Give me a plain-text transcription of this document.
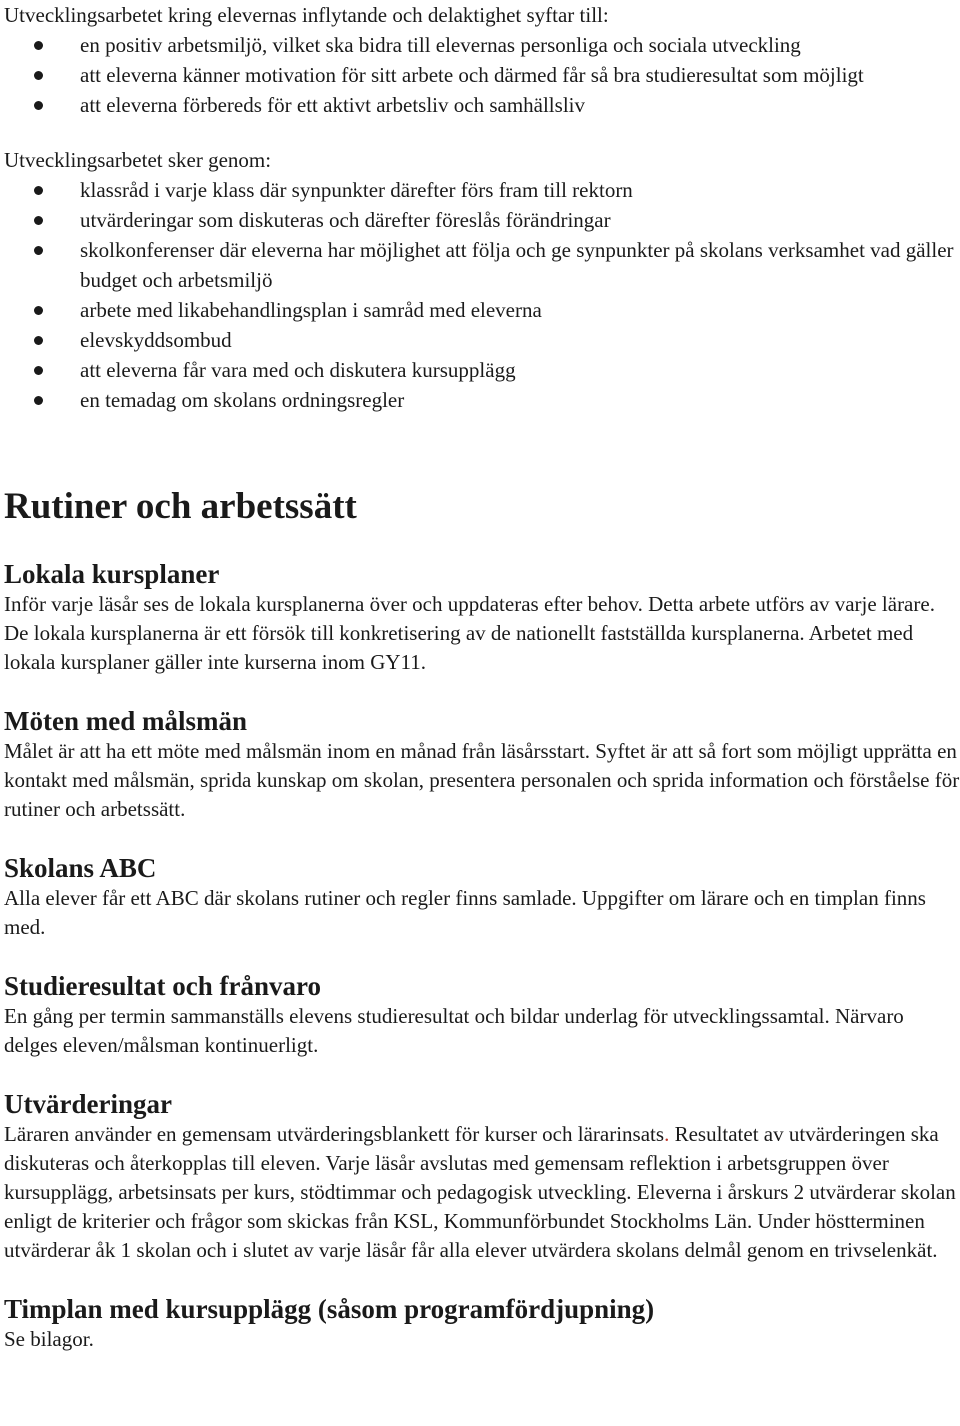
Utvecklingsarbetet kring elevernas inflytande och delaktighet syftar till:

en positiv arbetsmiljö, vilket ska bidra till elevernas personliga och sociala utveckling
att eleverna känner motivation för sitt arbete och därmed får så bra studieresultat som möjligt
att eleverna förbereds för ett aktivt arbetsliv och samhällsliv

Utvecklingsarbetet sker genom:

klassråd i varje klass där synpunkter därefter förs fram till rektorn
utvärderingar som diskuteras och därefter föreslås förändringar
skolkonferenser där eleverna har möjlighet att följa och ge synpunkter på skolans verksamhet vad gäller budget och arbetsmiljö
arbete med likabehandlingsplan i samråd med eleverna
elevskyddsombud
att eleverna får vara med och diskutera kursupplägg
en temadag om skolans ordningsregler
Rutiner och arbetssätt
Lokala kursplaner

Inför varje läsår ses de lokala kursplanerna över och uppdateras efter behov. Detta arbete utförs av varje lärare. De lokala kursplanerna är ett försök till konkretisering av de nationellt fastställda kursplanerna. Arbetet med lokala kursplaner gäller inte kurserna inom GY11.

Möten med målsmän

Målet är att ha ett möte med målsmän inom en månad från läsårsstart. Syftet är att så fort som möjligt upprätta en kontakt med målsmän, sprida kunskap om skolan, presentera personalen och sprida information och förståelse för rutiner och arbetssätt.

Skolans ABC

Alla elever får ett ABC där skolans rutiner och regler finns samlade. Uppgifter om lärare och en timplan finns med.

Studieresultat och frånvaro

En gång per termin sammanställs elevens studieresultat och bildar underlag för utvecklingssamtal. Närvaro delges eleven/målsman kontinuerligt.

Utvärderingar

Läraren använder en gemensam utvärderingsblankett för kurser och lärarinsats. Resultatet av utvärderingen ska diskuteras och återkopplas till eleven. Varje läsår avslutas med gemensam reflektion i arbetsgruppen över kursupplägg, arbetsinsats per kurs, stödtimmar och pedagogisk utveckling. Eleverna i årskurs 2 utvärderar skolan enligt de kriterier och frågor som skickas från KSL, Kommunförbundet Stockholms Län. Under höstterminen utvärderar åk 1 skolan och i slutet av varje läsår får alla elever utvärdera skolans delmål genom en trivselenkät.

Timplan med kursupplägg (såsom programfördjupning)

Se bilagor.
